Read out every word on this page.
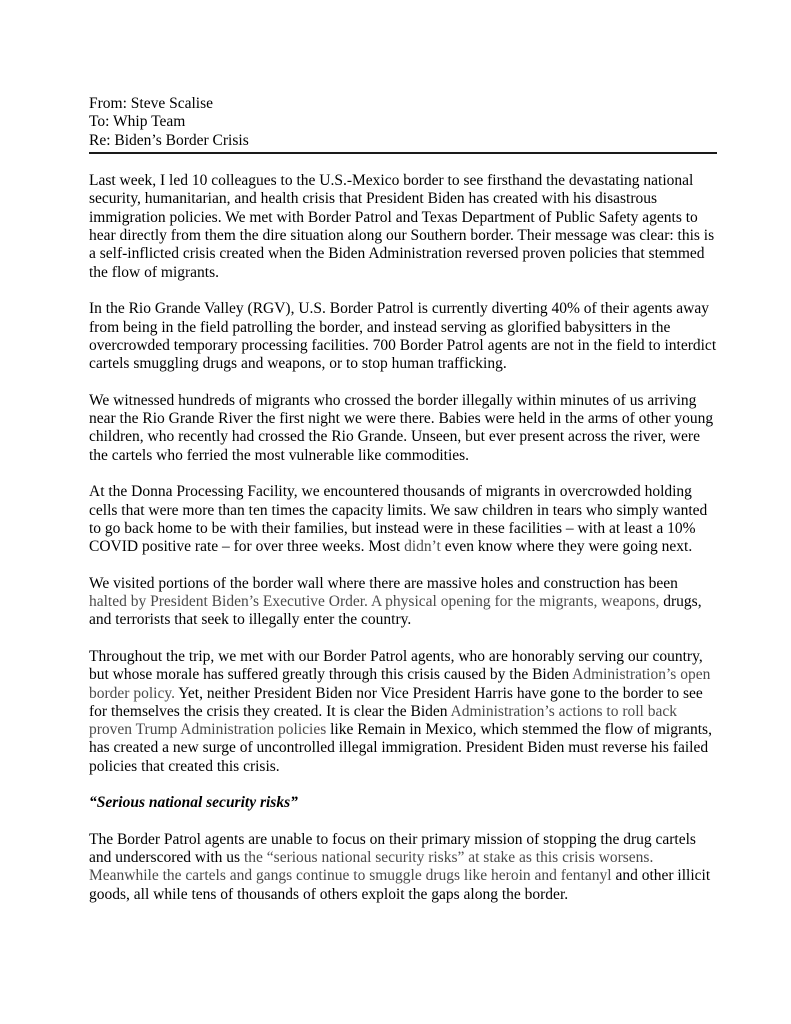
From: Steve Scalise
To: Whip Team
Re: Biden’s Border Crisis

Last week, I led 10 colleagues to the U.S.-Mexico border to see firsthand the devastating national security, humanitarian, and health crisis that President Biden has created with his disastrous immigration policies. We met with Border Patrol and Texas Department of Public Safety agents to hear directly from them the dire situation along our Southern border. Their message was clear: this is a self-inflicted crisis created when the Biden Administration reversed proven policies that stemmed the flow of migrants.

In the Rio Grande Valley (RGV), U.S. Border Patrol is currently diverting 40% of their agents away from being in the field patrolling the border, and instead serving as glorified babysitters in the overcrowded temporary processing facilities. 700 Border Patrol agents are not in the field to interdict cartels smuggling drugs and weapons, or to stop human trafficking.

We witnessed hundreds of migrants who crossed the border illegally within minutes of us arriving near the Rio Grande River the first night we were there. Babies were held in the arms of other young children, who recently had crossed the Rio Grande. Unseen, but ever present across the river, were the cartels who ferried the most vulnerable like commodities.

At the Donna Processing Facility, we encountered thousands of migrants in overcrowded holding cells that were more than ten times the capacity limits. We saw children in tears who simply wanted to go back home to be with their families, but instead were in these facilities – with at least a 10% COVID positive rate – for over three weeks. Most didn’t even know where they were going next.

We visited portions of the border wall where there are massive holes and construction has been halted by President Biden’s Executive Order. A physical opening for the migrants, weapons, drugs, and terrorists that seek to illegally enter the country.

Throughout the trip, we met with our Border Patrol agents, who are honorably serving our country, but whose morale has suffered greatly through this crisis caused by the Biden Administration’s open border policy. Yet, neither President Biden nor Vice President Harris have gone to the border to see for themselves the crisis they created. It is clear the Biden Administration’s actions to roll back proven Trump Administration policies like Remain in Mexico, which stemmed the flow of migrants, has created a new surge of uncontrolled illegal immigration. President Biden must reverse his failed policies that created this crisis.

“Serious national security risks”

The Border Patrol agents are unable to focus on their primary mission of stopping the drug cartels and underscored with us the “serious national security risks” at stake as this crisis worsens. Meanwhile the cartels and gangs continue to smuggle drugs like heroin and fentanyl and other illicit goods, all while tens of thousands of others exploit the gaps along the border.
